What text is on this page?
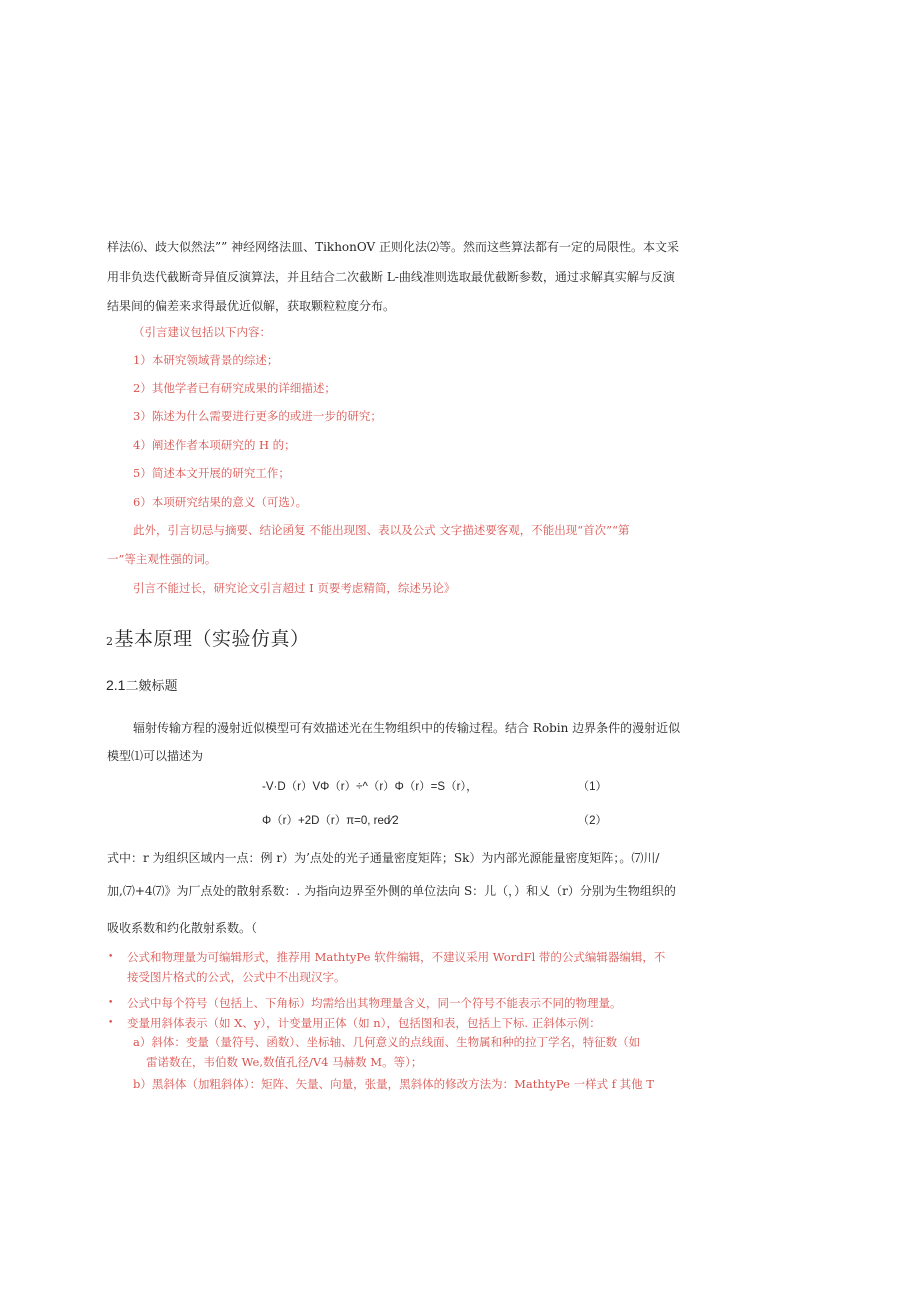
样法⑹、歧大似然法”” 神经网络法皿、TikhonOV 正则化法⑵等。然而这些算法都有一定的局限性。本文采
用非负迭代截断奇异值反演算法，并且结合二次截断 L-曲线准则选取最优截断参数，通过求解真实解与反演
结果间的偏差来求得最优近似解，获取颗粒粒度分布。
（引言建议包括以下内容：
1）本研究领域背景的综述；
2）其他学者已有研究成果的详细描述；
3）陈述为什么需要进行更多的或进一步的研究；
4）阐述作者本项研究的 H 的；
5）简述本文开展的研究工作；
6）本项研究结果的意义（可选）。
此外，引言切忌与摘要、结论函复 不能出现图、表以及公式 文字描述要客观，不能出现“首次”“第
一”等主观性强的词。
引言不能过长，研究论文引言超过 I 页要考虑精简，综述另论》
2基本原理（实验仿真）
2.1二皴标题
辐射传输方程的漫射近似模型可有效描述光在生物组织中的传输过程。结合 Robin 边界条件的漫射近似
模型⑴可以描述为
-V·D（r）VΦ（r）÷^（r）Φ（r）=S（r），	（1）
Φ（r）+2D（r）π=0, red∕2	（2）
式中：r 为组织区域内一点：例 r）为’点处的光子通量密度矩阵；Sk）为内部光源能量密度矩阵；。⑺川/
加,⑺+4⑺》为厂点处的散射系数：. 为指向边界至外侧的单位法向 S：儿（，）和乂（r）分别为生物组织的
吸收系数和约化散射系数。（
• 公式和物理量为可编辑形式，推荐用 MathtyPe 软件编辑，不建议采用 WordFl 带的公式编辑器编辑，不
接受图片格式的公式，公式中不出现汉字。
• 公式中每个符号（包括上、下角标）均需给出其物理量含义，同一个符号不能表示不同的物理量。
• 变量用斜体表示（如 X、y），计变量用正体（如 n），包括图和表，包括上下标. 正斜体示例：
a）斜体：变量（量符号、函数）、坐标轴、几何意义的点线面、生物属和种的拉丁学名，特征数（如
雷诺数在，韦伯数 We,数值孔径/V4 马赫数 M。等）；
b）黑斜体（加粗斜体）：矩阵、矢量、向量，张量，黑斜体的修改方法为：MathtyPe 一样式 f 其他 T
